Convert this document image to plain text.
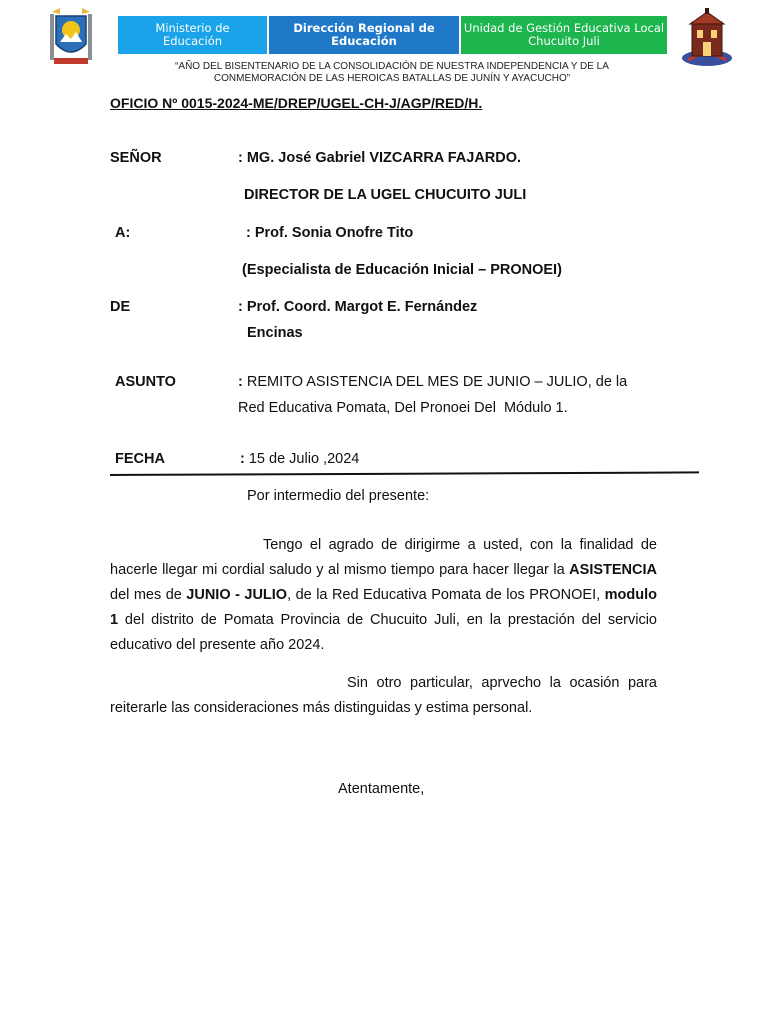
Ministerio de
Educación
Dirección Regional de
Educación
Unidad de Gestión Educativa Local
Chucuito Juli
“AÑO DEL BISENTENARIO DE LA CONSOLIDACIÓN DE NUESTRA INDEPENDENCIA Y DE LA
CONMEMORACIÓN DE LAS HEROICAS BATALLAS DE JUNÍN Y AYACUCHO”
OFICIO Nº 0015-2024-ME/DREP/UGEL-CH-J/AGP/RED/H.
SEÑOR	: MG. José Gabriel VIZCARRA FAJARDO.
DIRECTOR DE LA UGEL CHUCUITO JULI
A:	: Prof. Sonia Onofre Tito
(Especialista de Educación Inicial – PRONOEI)
DE	: Prof. Coord. Margot E. Fernández
Encinas
ASUNTO	: REMITO ASISTENCIA DEL MES DE JUNIO – JULIO, de la
Red Educativa Pomata, Del Pronoei Del  Módulo 1.
FECHA	: 15 de Julio ,2024
Por intermedio del presente:
Tengo el agrado de dirigirme a usted, con la finalidad de hacerle llegar mi cordial saludo y al mismo tiempo para hacer llegar la ASISTENCIA del mes de JUNIO - JULIO, de la Red Educativa Pomata de los PRONOEI, modulo 1 del distrito de Pomata Provincia de Chucuito Juli, en la prestación del servicio educativo del presente año 2024.
Sin otro particular, aprvecho la ocasión para reiterarle las consideraciones más distinguidas y estima personal.
Atentamente,
